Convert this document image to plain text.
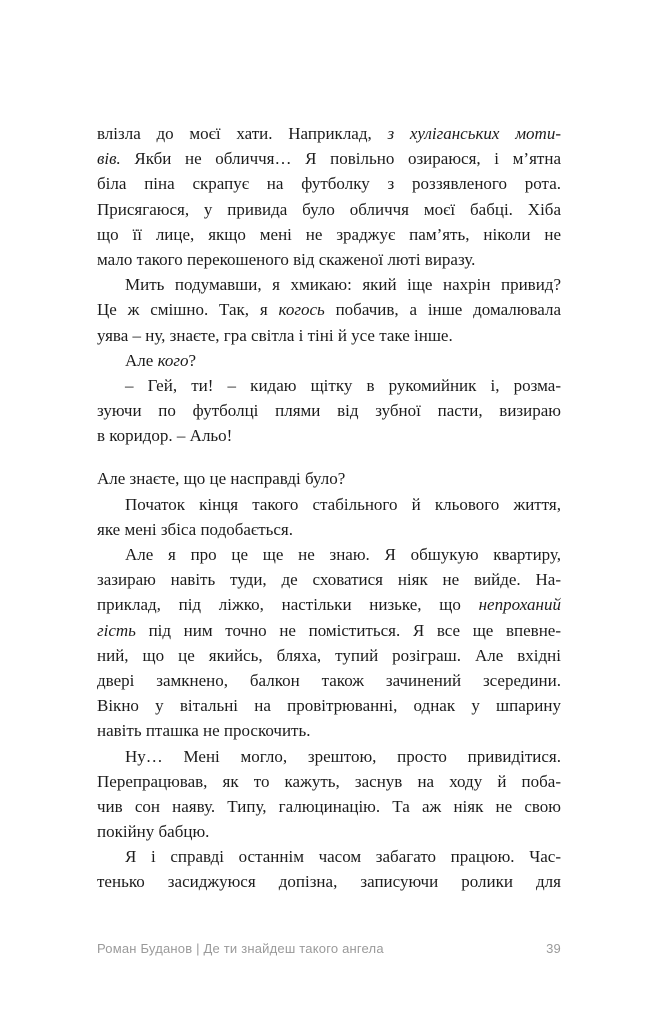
влізла до моєї хати. Наприклад, з хуліганських моти-
вів. Якби не обличчя… Я повільно озираюся, і м’ятна
біла піна скрапує на футболку з роззявленого рота.
Присягаюся, у привида було обличчя моєї бабці. Хіба
що її лице, якщо мені не зраджує пам’ять, ніколи не
мало такого перекошеного від скаженої люті виразу.
Мить подумавши, я хмикаю: який іще нахрін привид?
Це ж смішно. Так, я когось побачив, а інше домалювала
уява – ну, знаєте, гра світла і тіні й усе таке інше.
Але кого?
– Гей, ти! – кидаю щітку в рукомийник і, розма-
зуючи по футболці плями від зубної пасти, визираю
в коридор. – Альо!
Але знаєте, що це насправді було?
Початок кінця такого стабільного й кльового життя,
яке мені збіса подобається.
Але я про це ще не знаю. Я обшукую квартиру,
зазираю навіть туди, де сховатися ніяк не вийде. На-
приклад, під ліжко, настільки низьке, що непроханий
гість під ним точно не поміститься. Я все ще впевне-
ний, що це якийсь, бляха, тупий розіграш. Але вхідні
двері замкнено, балкон також зачинений зсередини.
Вікно у вітальні на провітрюванні, однак у шпарину
навіть пташка не проскочить.
Ну… Мені могло, зрештою, просто привидітися.
Перепрацював, як то кажуть, заснув на ходу й поба-
чив сон наяву. Типу, галюцинацію. Та аж ніяк не свою
покійну бабцю.
Я і справді останнім часом забагато працюю. Час-
тенько засиджуюся допізна, записуючи ролики для
Роман Буданов | Де ти знайдеш такого ангела	39
